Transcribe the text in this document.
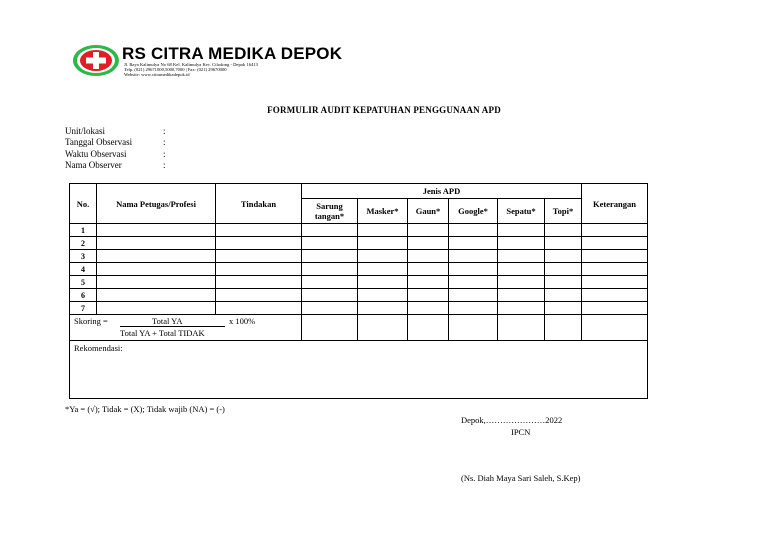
RS CITRA MEDIKA DEPOK
Jl. Raya Kalimulya No 68 Kel. Kalimulya Kec. Cilodong - Depok 16413
Telp. (021) 29671000,5000,7000 | Fax: (021) 29670000
Website: www.citramedikadepok.id
FORMULIR AUDIT KEPATUHAN PENGGUNAAN APD
Unit/lokasi	:
Tanggal Observasi	:
Waktu Observasi	:
Nama Observer	:
No.	Nama Petugas/Profesi	Tindakan	Jenis APD						Keterangan
			Sarung tangan*	Masker*	Gaun*	Google*	Sepatu*	Topi*	
1									
2									
3									
4									
5									
6									
7									

Skoring = Total YA x 100%
Total YA + Total TIDAK									

Rekomendasi:									
*Ya = (√); Tidak = (X); Tidak wajib (NA) = (-)
Depok,…………………2022
IPCN
(Ns. Diah Maya Sari Saleh, S.Kep)
